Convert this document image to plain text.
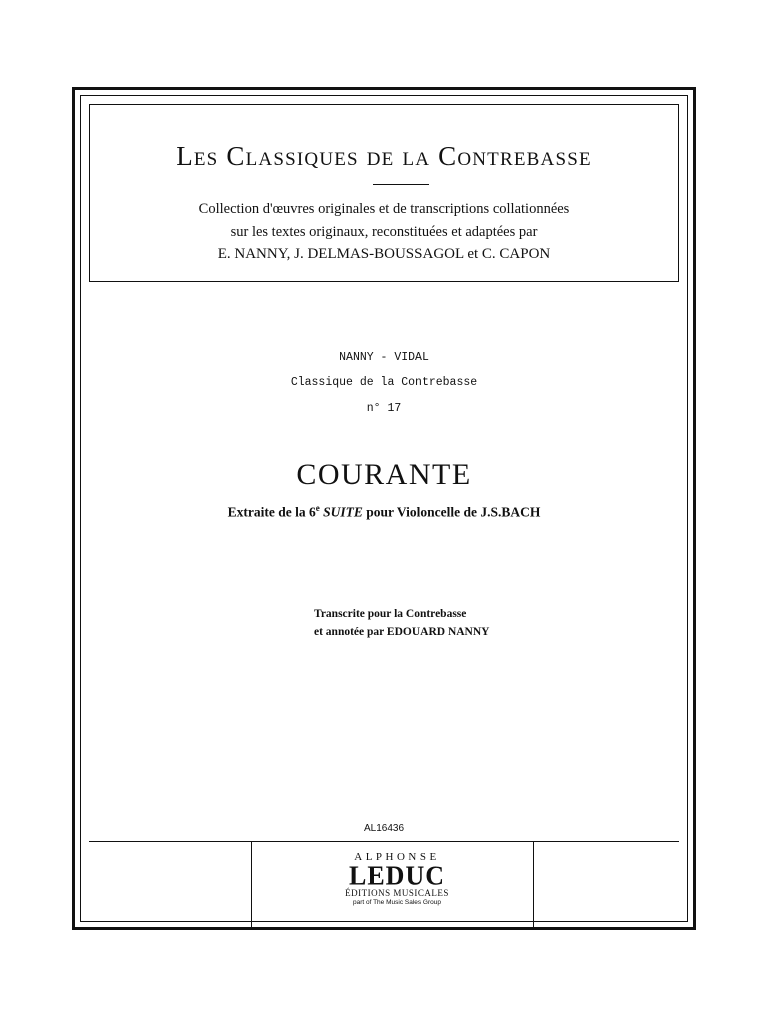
Les Classiques de la Contrebasse
Collection d'œuvres originales et de transcriptions collationnées
sur les textes originaux, reconstituées et adaptées par
E. NANNY, J. DELMAS-BOUSSAGOL et C. CAPON
NANNY - VIDAL
Classique de la Contrebasse
n° 17
COURANTE
Extraite de la 6e SUITE pour Violoncelle de J.S.BACH
Transcrite pour la Contrebasse
et annotée par EDOUARD NANNY
AL16436
ALPHONSE
LEDUC
ÉDITIONS MUSICALES
part of The Music Sales Group
